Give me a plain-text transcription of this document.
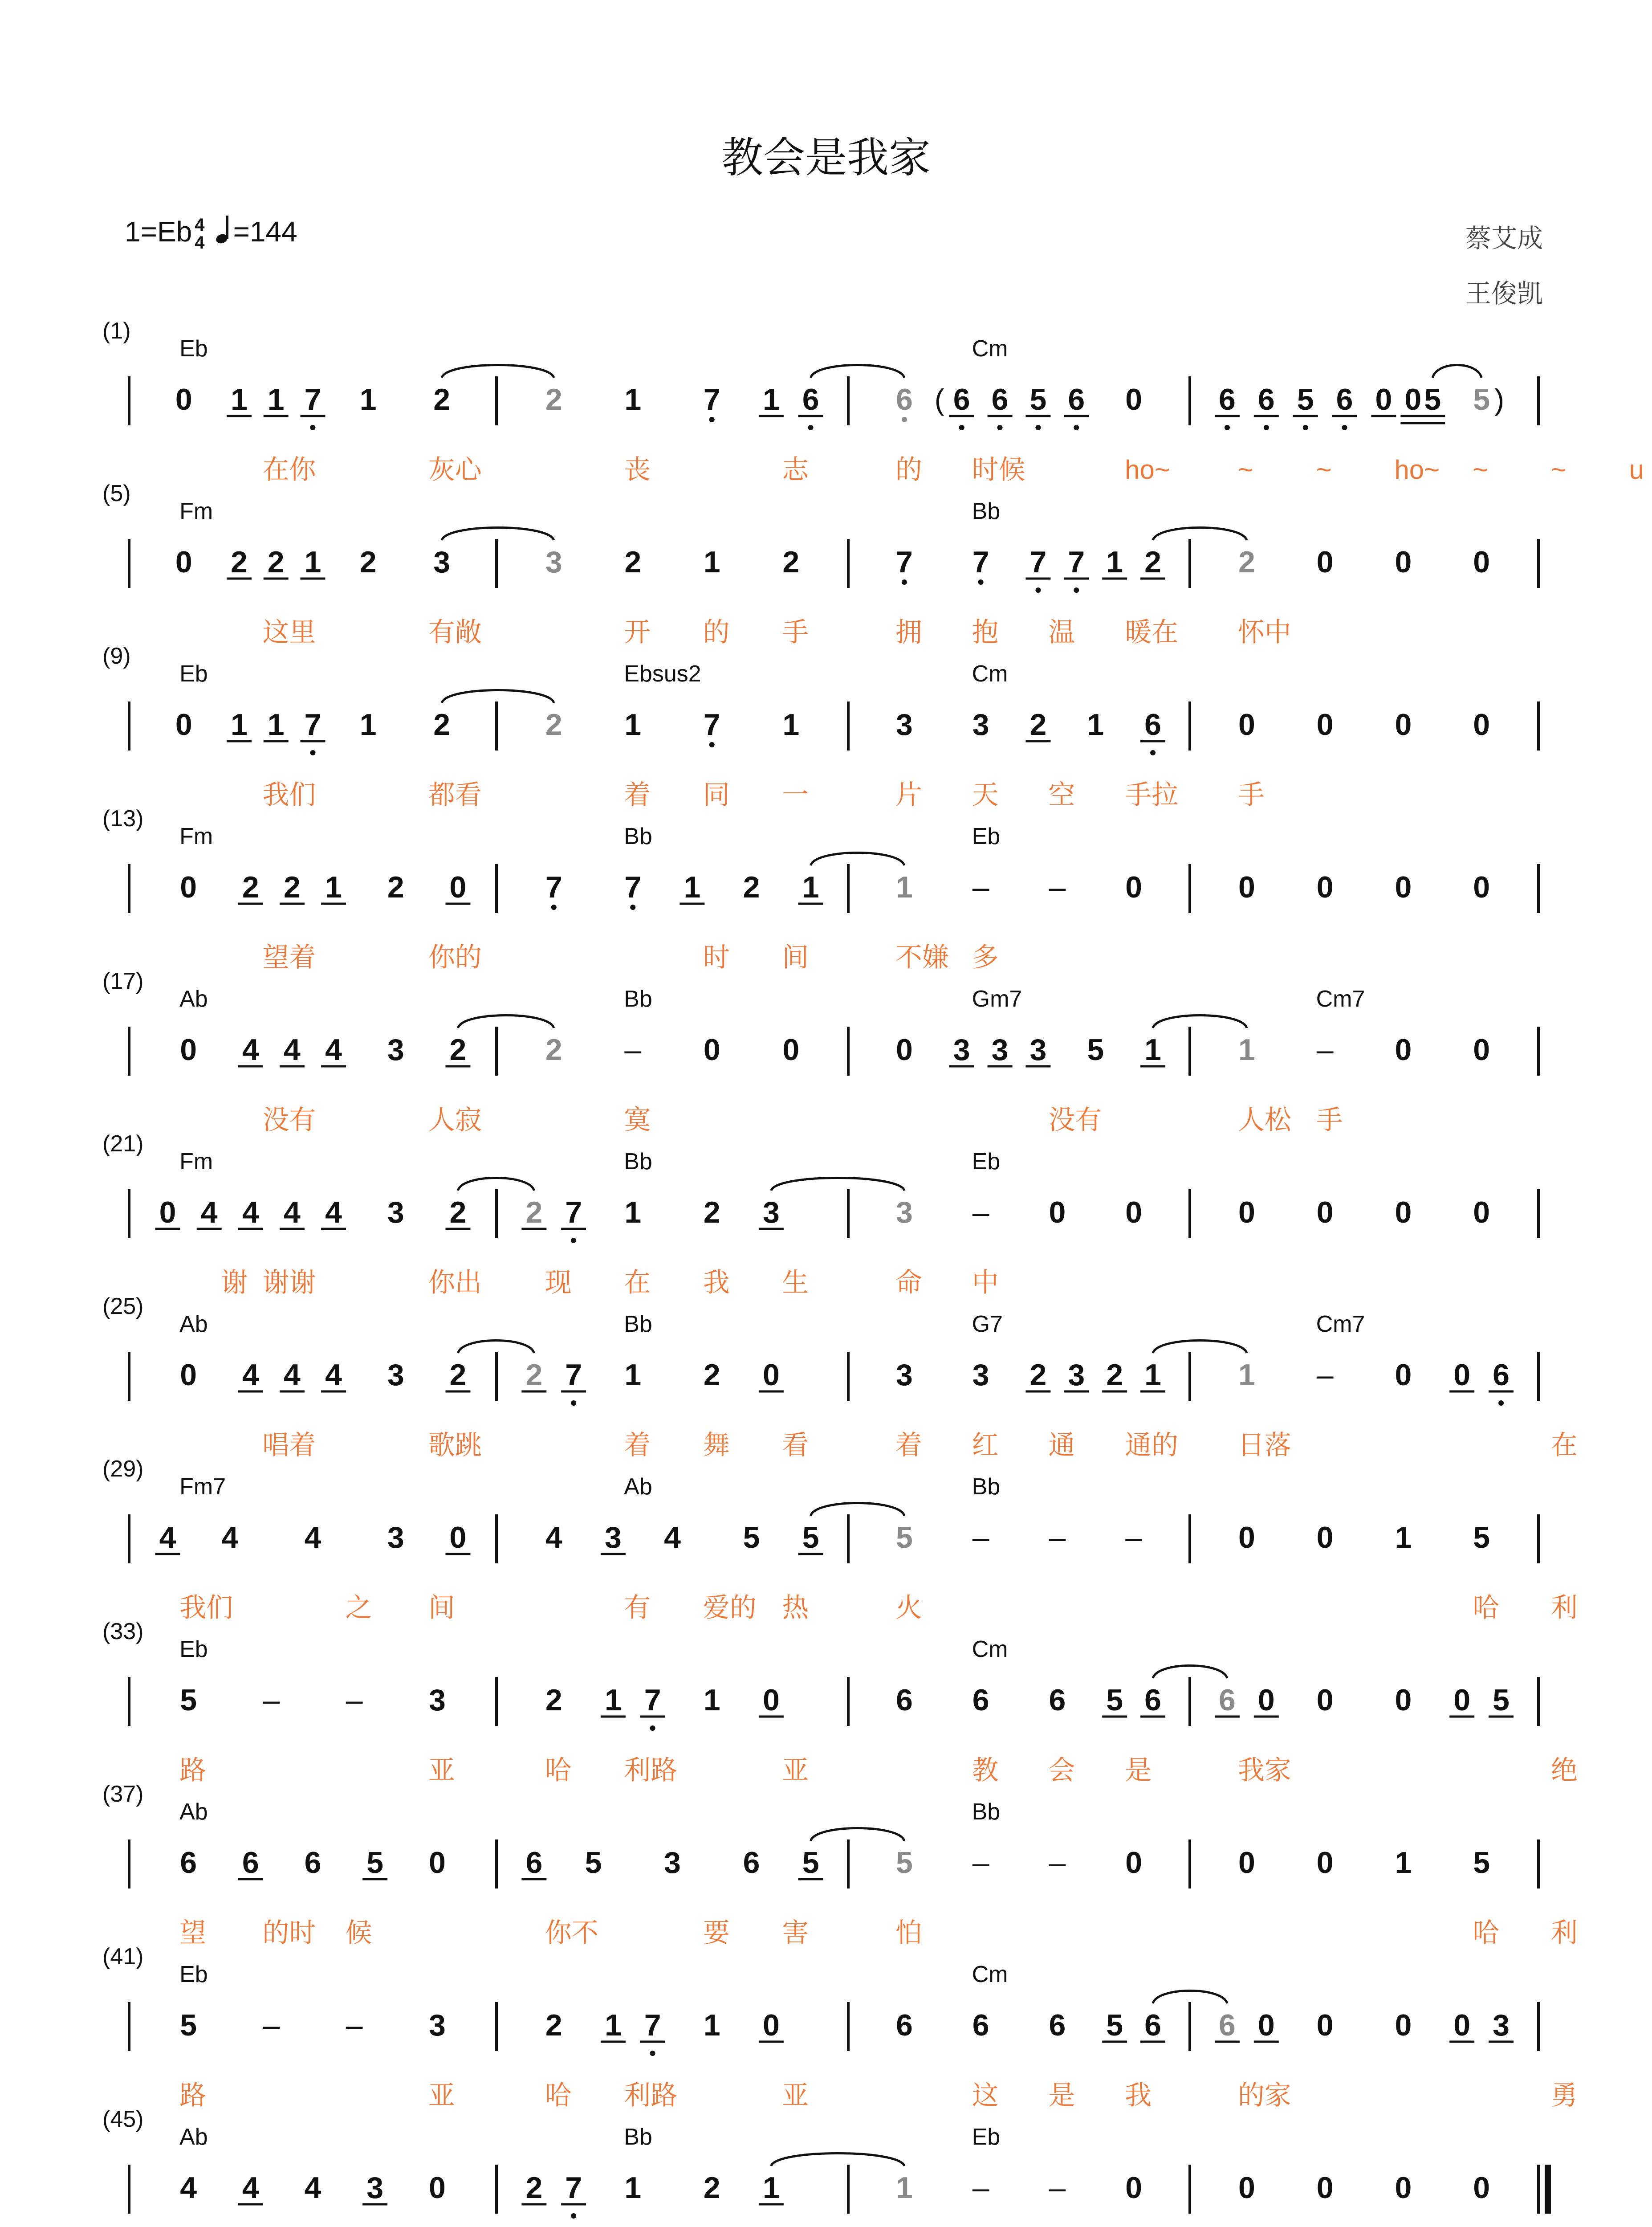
教会是我家
1=Eb 4
4 =144	蔡艾成
王俊凯
(1)
Eb	Cm
0 1 1 7 1 2	2 1 7 1 6	6 ( 6 6 5 6 0	6 6 5 6 0 0 5 5 )
在你	灰心	丧	志	的 时候	ho~	~ ~ ho~ ~ ~ u
(5)
Fm	Bb
0 2 2 1 2 3	3 2 1 2	7 7 7 7 1 2	2 0 0 0
这里	有敞	开 的 手	拥 抱 温 暖在 怀中
(9)
Eb	Ebsus2	Cm
0 1 1 7 1 2	2 1 7 1	3 3 2 1 6	0 0 0 0
我们	都看	着 同 一	片 天 空 手拉 手
(13)
Fm	Bb	Eb
0 2 2 1 2 0	7 7 1 2 1	1 – – 0	0 0 0 0
望着	你的	时 间	不嫌 多
(17)
Ab	Bb	Gm7	Cm7
0 4 4 4 3 2	2 – 0 0	0 3 3 3 5 1	1 – 0 0
没有	人寂	寞	没有	人松 手
(21)
Fm	Bb	Eb
0 4 4 4 4 3 2 2 7 1 2 3	3 – 0 0	0 0 0 0
谢 谢谢	你出 现 在 我 生	命 中
(25)
Ab	Bb	G7	Cm7
0 4 4 4 3 2 2 7 1 2 0	3 3 2 3 2 1	1 – 0 0 6
唱着	歌跳	着 舞 看	着 红 通 通的 日落	在
(29)
Fm7	Ab	Bb
4 4 4 3 0	4 3 4 5 5	5 – – –	0 0 1 5
我们	之 间	有 爱的 热	火	哈 利
(33)
Eb	Cm
5 – – 3	2 1 7 1 0	6 6 6 5 6 6 0 0 0 0 5
路	亚	哈 利路	亚	教 会 是	我家	绝
(37)
Ab	Bb
6 6 6 5 0	6 5 3 6 5	5 – – 0	0 0 1 5
望 的时 候	你不	要 害	怕	哈 利
(41)
Eb	Cm
5 – – 3	2 1 7 1 0	6 6 6 5 6 6 0 0 0 0 3
路	亚	哈 利路	亚	这 是 我	的家	勇
(45)
Ab	Bb	Eb
4 4 4 3 0	2 7 1 2 1	1 – – 0	0 0 0 0
